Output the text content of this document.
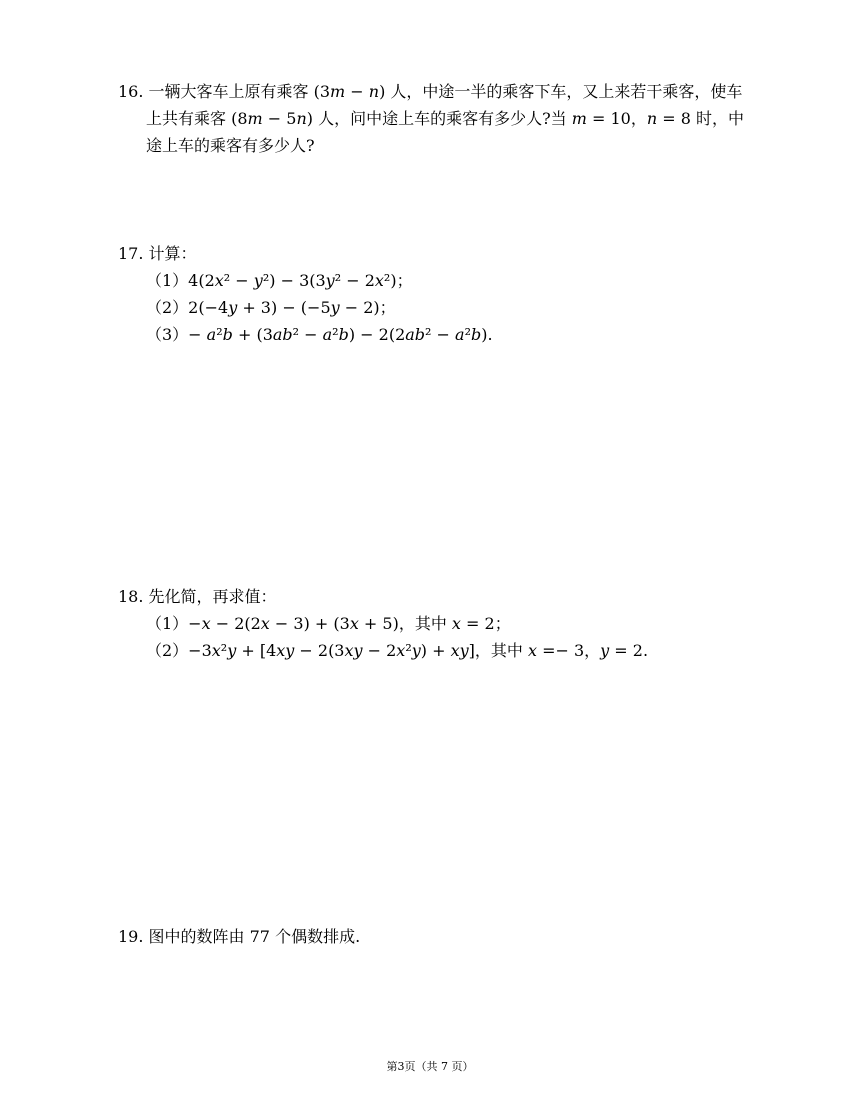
16. 一辆大客车上原有乘客 (3𝑚 − 𝑛) 人，中途一半的乘客下车，又上来若干乘客，使车
上共有乘客 (8𝑚 − 5𝑛) 人，问中途上车的乘客有多少人?当 𝑚 = 10，𝑛 = 8 时，中
途上车的乘客有多少人?
17. 计算：
（1）4(2𝑥² − 𝑦²) − 3(3𝑦² − 2𝑥²)；
（2）2(−4𝑦 + 3) − (−5𝑦 − 2)；
（3）− 𝑎²𝑏 + (3𝑎𝑏² − 𝑎²𝑏) − 2(2𝑎𝑏² − 𝑎²𝑏).
18. 先化简，再求值：
（1）−𝑥 − 2(2𝑥 − 3) + (3𝑥 + 5)，其中 𝑥 = 2；
（2）−3𝑥²𝑦 + [4𝑥𝑦 − 2(3𝑥𝑦 − 2𝑥²𝑦) + 𝑥𝑦]，其中 𝑥 =− 3，𝑦 = 2.
19. 图中的数阵由 77 个偶数排成.
第3页（共 7 页）
